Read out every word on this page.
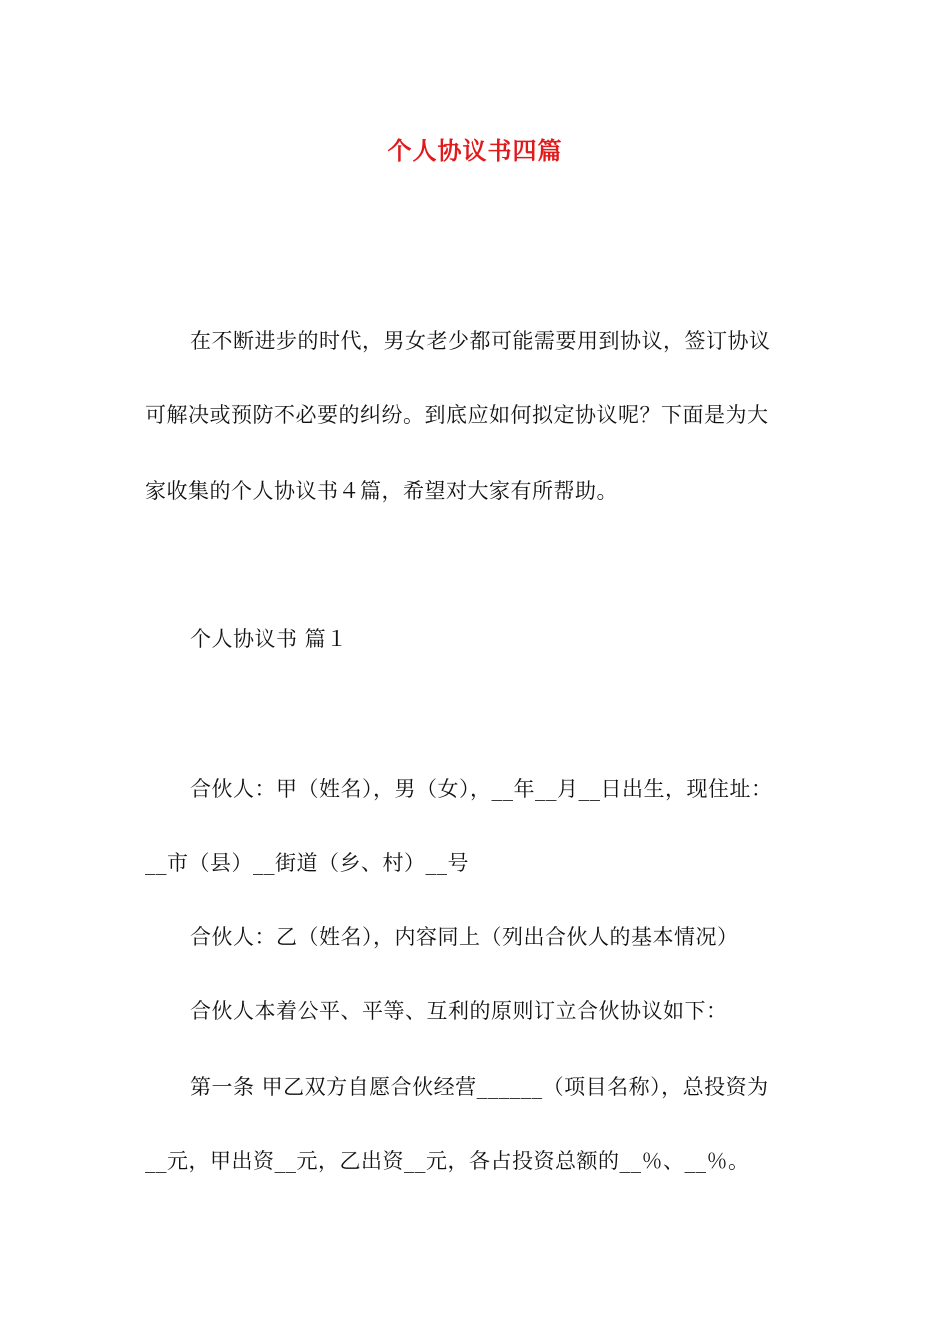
个人协议书四篇
在不断进步的时代，男女老少都可能需要用到协议，签订协议
可解决或预防不必要的纠纷。到底应如何拟定协议呢？下面是为大
家收集的个人协议书４篇，希望对大家有所帮助。
个人协议书 篇１
合伙人：甲（姓名），男（女），__年__月__日出生，现住址：
__市（县）__街道（乡、村）__号
合伙人：乙（姓名），内容同上（列出合伙人的基本情况）
合伙人本着公平、平等、互利的原则订立合伙协议如下：
第一条 甲乙双方自愿合伙经营______（项目名称），总投资为
__元，甲出资__元，乙出资__元，各占投资总额的__％、__％。
